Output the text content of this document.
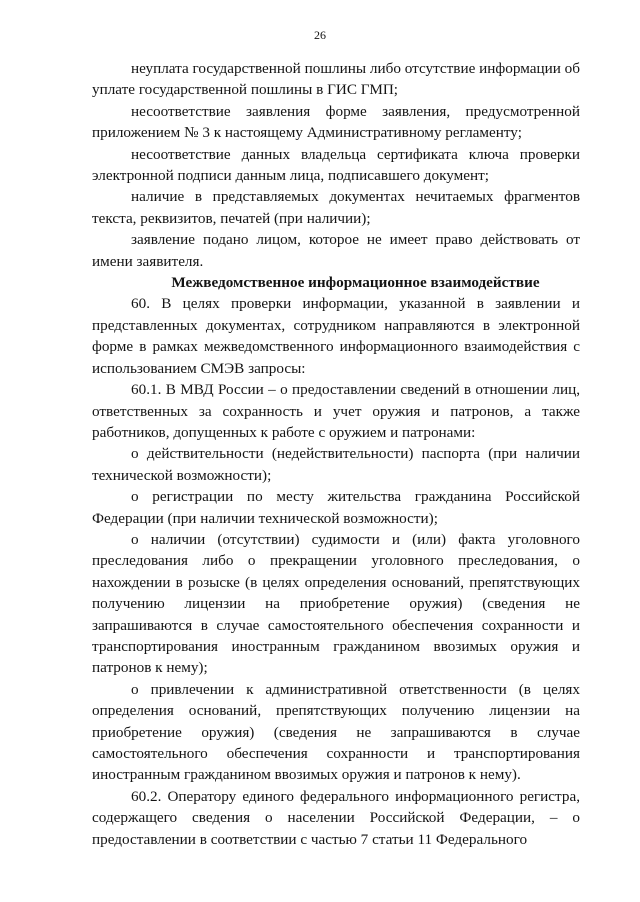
26

неуплата государственной пошлины либо отсутствие информации об уплате государственной пошлины в ГИС ГМП;

несоответствие заявления форме заявления, предусмотренной приложением № 3 к настоящему Административному регламенту;

несоответствие данных владельца сертификата ключа проверки электронной подписи данным лица, подписавшего документ;

наличие в представляемых документах нечитаемых фрагментов текста, реквизитов, печатей (при наличии);

заявление подано лицом, которое не имеет право действовать от имени заявителя.

Межведомственное информационное взаимодействие

60. В целях проверки информации, указанной в заявлении и представленных документах, сотрудником направляются в электронной форме в рамках межведомственного информационного взаимодействия с использованием СМЭВ запросы:

60.1. В МВД России – о предоставлении сведений в отношении лиц, ответственных за сохранность и учет оружия и патронов, а также работников, допущенных к работе с оружием и патронами:

о действительности (недействительности) паспорта (при наличии технической возможности);

о регистрации по месту жительства гражданина Российской Федерации (при наличии технической возможности);

о наличии (отсутствии) судимости и (или) факта уголовного преследования либо о прекращении уголовного преследования, о нахождении в розыске (в целях определения оснований, препятствующих получению лицензии на приобретение оружия) (сведения не запрашиваются в случае самостоятельного обеспечения сохранности и транспортирования иностранным гражданином ввозимых оружия и патронов к нему);

о привлечении к административной ответственности (в целях определения оснований, препятствующих получению лицензии на приобретение оружия) (сведения не запрашиваются в случае самостоятельного обеспечения сохранности и транспортирования иностранным гражданином ввозимых оружия и патронов к нему).

60.2. Оператору единого федерального информационного регистра, содержащего сведения о населении Российской Федерации, – о предоставлении в соответствии с частью 7 статьи 11 Федерального
